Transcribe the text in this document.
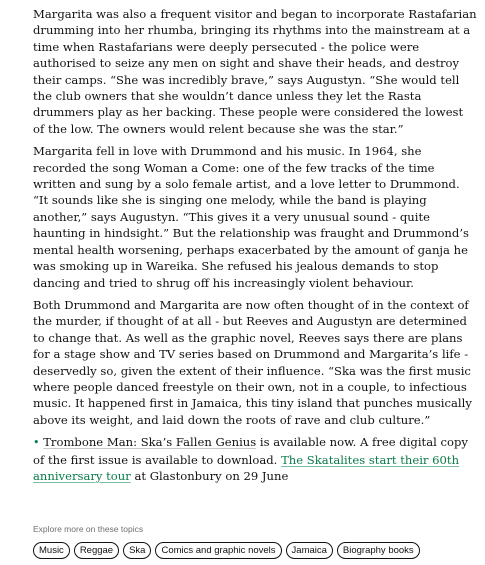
Margarita was also a frequent visitor and began to incorporate Rastafarian drumming into her rhumba, bringing its rhythms into the mainstream at a time when Rastafarians were deeply persecuted - the police were authorised to seize any men on sight and shave their heads, and destroy their camps. “She was incredibly brave,” says Augustyn. “She would tell the club owners that she wouldn’t dance unless they let the Rasta drummers play as her backing. These people were considered the lowest of the low. The owners would relent because she was the star.”

Margarita fell in love with Drummond and his music. In 1964, she recorded the song Woman a Come: one of the few tracks of the time written and sung by a solo female artist, and a love letter to Drummond. “It sounds like she is singing one melody, while the band is playing another,” says Augustyn. “This gives it a very unusual sound - quite haunting in hindsight.” But the relationship was fraught and Drummond’s mental health worsening, perhaps exacerbated by the amount of ganja he was smoking up in Wareika. She refused his jealous demands to stop dancing and tried to shrug off his increasingly violent behaviour.

Both Drummond and Margarita are now often thought of in the context of the murder, if thought of at all - but Reeves and Augustyn are determined to change that. As well as the graphic novel, Reeves says there are plans for a stage show and TV series based on Drummond and Margarita’s life - deservedly so, given the extent of their influence. “Ska was the first music where people danced freestyle on their own, not in a couple, to infectious music. It happened first in Jamaica, this tiny island that punches musically above its weight, and laid down the roots of rave and club culture.”

• Trombone Man: Ska’s Fallen Genius is available now. A free digital copy of the first issue is available to download. The Skatalites start their 60th anniversary tour at Glastonbury on 29 June

Explore more on these topics
Music	Reggae	Ska	Comics and graphic novels	Jamaica	Biography books
